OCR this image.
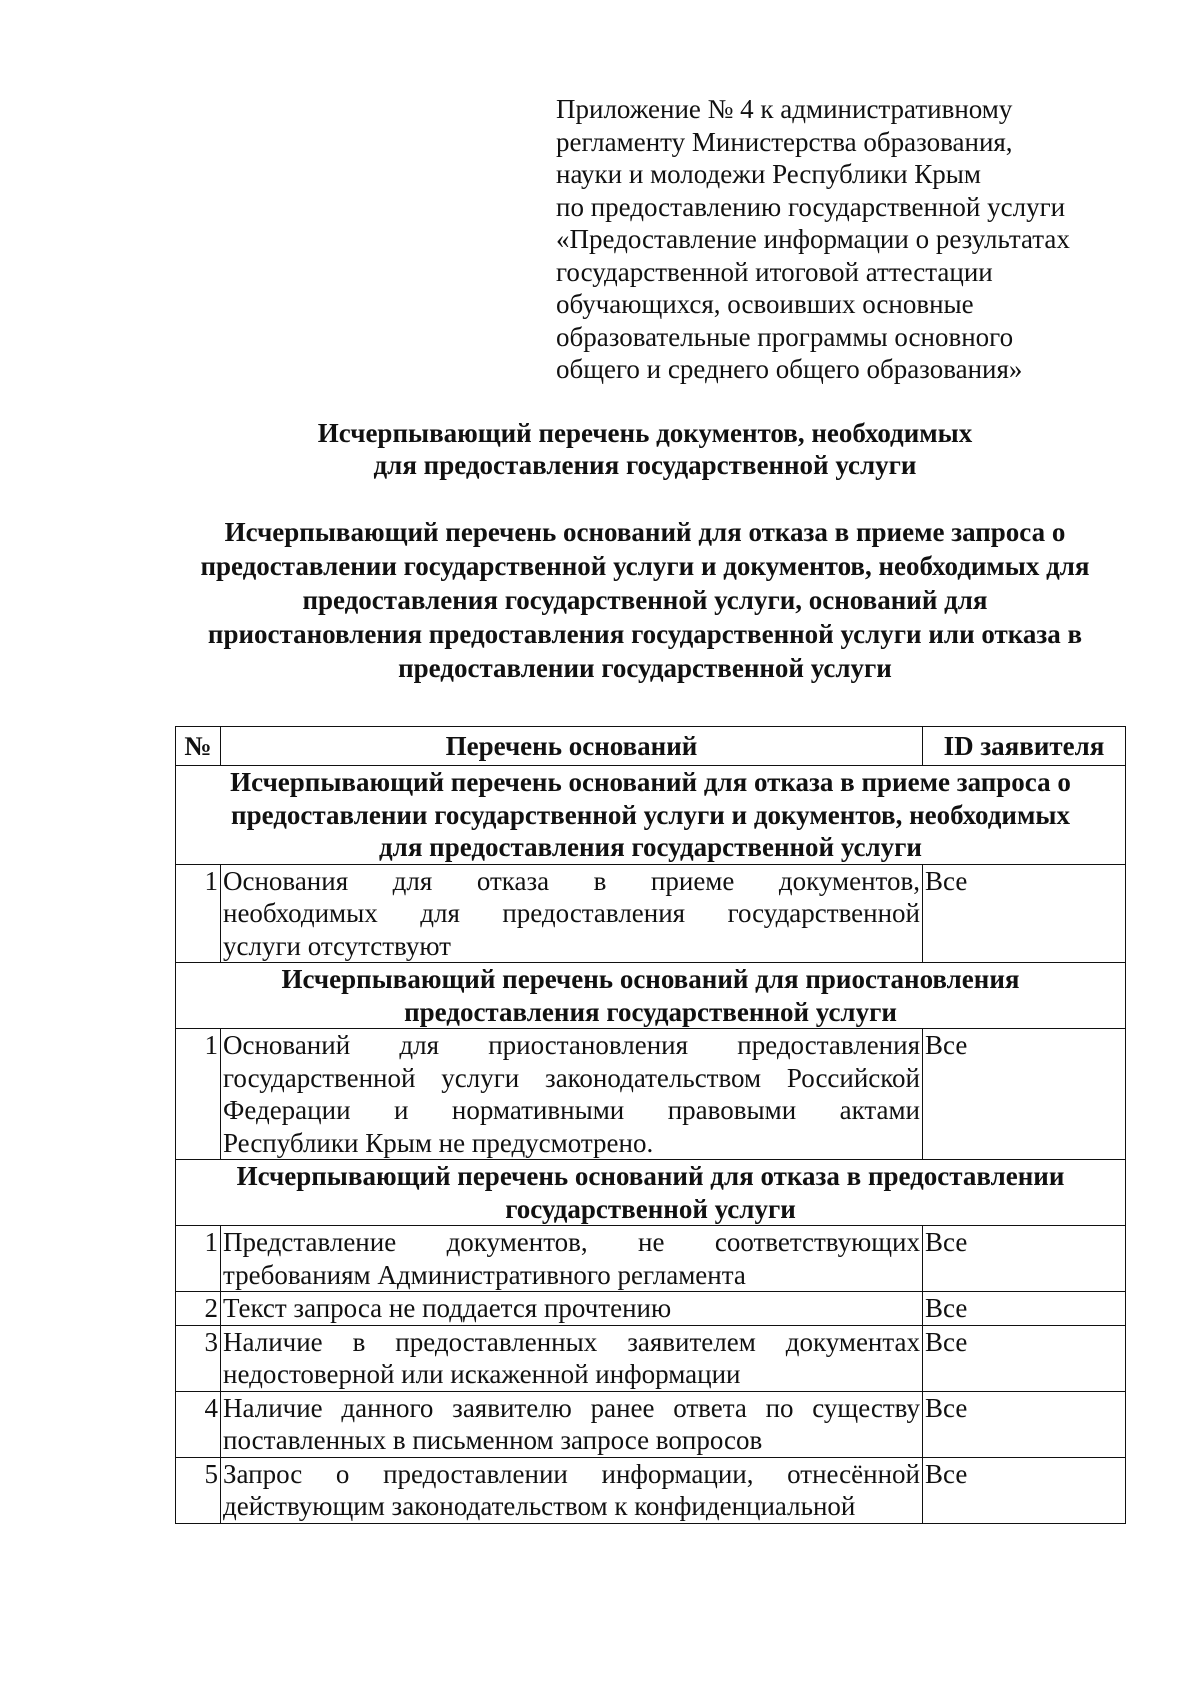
Приложение № 4 к административному
регламенту Министерства образования,
науки и молодежи Республики Крым
по предоставлению государственной услуги
«Предоставление информации о результатах
государственной итоговой аттестации
обучающихся, освоивших основные
образовательные программы основного
общего и среднего общего образования»
Исчерпывающий перечень документов, необходимых
для предоставления государственной услуги
Исчерпывающий перечень оснований для отказа в приеме запроса о
предоставлении государственной услуги и документов, необходимых для
предоставления государственной услуги, оснований для
приостановления предоставления государственной услуги или отказа в
предоставлении государственной услуги
№	Перечень оснований	ID заявителя

Исчерпывающий перечень оснований для отказа в приеме запроса о
предоставлении государственной услуги и документов, необходимых
для предоставления государственной услуги		

1	Основания для отказа в приеме документов,
необходимых для предоставления государственной
услуги отсутствуют	Все

Исчерпывающий перечень оснований для приостановления
предоставления государственной услуги		

1	Оснований для приостановления предоставления
государственной услуги законодательством Российской
Федерации и нормативными правовыми актами
Республики Крым не предусмотрено.	Все

Исчерпывающий перечень оснований для отказа в предоставлении
государственной услуги		

1	Представление документов, не соответствующих
требованиям Административного регламента	Все
2	Текст запроса не поддается прочтению	Все
3	Наличие в предоставленных заявителем документах
недостоверной или искаженной информации	Все
4	Наличие данного заявителю ранее ответа по существу
поставленных в письменном запросе вопросов	Все
5	Запрос о предоставлении информации, отнесённой
действующим законодательством к конфиденциальной	Все
